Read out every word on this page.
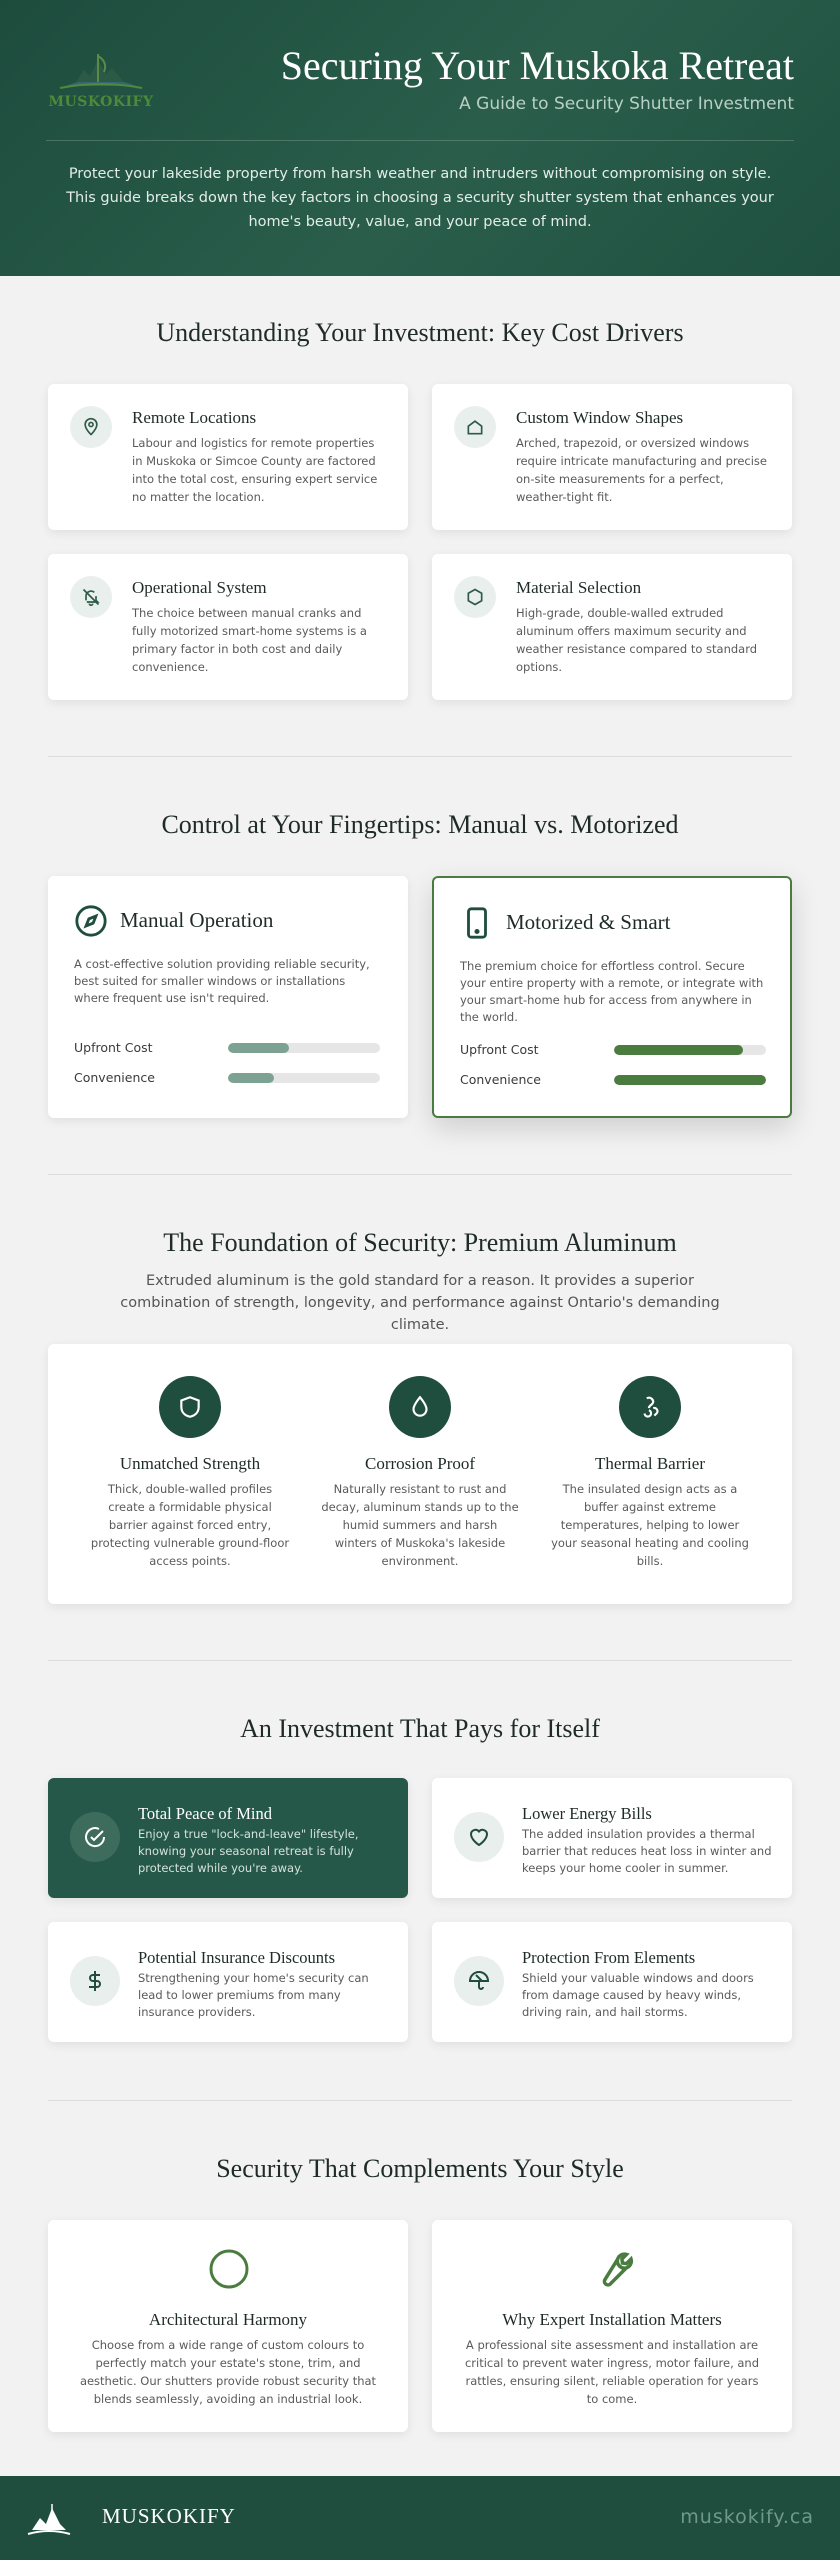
MUSKOKIFY
Securing Your Muskoka Retreat
A Guide to Security Shutter Investment
Protect your lakeside property from harsh weather and intruders without compromising on style. This guide breaks down the key factors in choosing a security shutter system that enhances your home's beauty, value, and your peace of mind.
Understanding Your Investment: Key Cost Drivers
Remote Locations

Labour and logistics for remote properties in Muskoka or Simcoe County are factored into the total cost, ensuring expert service no matter the location.

Custom Window Shapes

Arched, trapezoid, or oversized windows require intricate manufacturing and precise on-site measurements for a perfect, weather-tight fit.

Operational System

The choice between manual cranks and fully motorized smart-home systems is a primary factor in both cost and daily convenience.

Material Selection

High-grade, double-walled extruded aluminum offers maximum security and weather resistance compared to standard options.

Control at Your Fingertips: Manual vs. Motorized
Manual Operation

A cost-effective solution providing reliable security, best suited for smaller windows or installations where frequent use isn't required.

Upfront Cost
Convenience
Motorized & Smart

The premium choice for effortless control. Secure your entire property with a remote, or integrate with your smart-home hub for access from anywhere in the world.

Upfront Cost
Convenience
The Foundation of Security: Premium Aluminum
Extruded aluminum is the gold standard for a reason. It provides a superior combination of strength, longevity, and performance against Ontario's demanding climate.
Unmatched Strength

Thick, double-walled profiles create a formidable physical barrier against forced entry, protecting vulnerable ground-floor access points.

Corrosion Proof

Naturally resistant to rust and decay, aluminum stands up to the humid summers and harsh winters of Muskoka's lakeside environment.

Thermal Barrier

The insulated design acts as a buffer against extreme temperatures, helping to lower your seasonal heating and cooling bills.

An Investment That Pays for Itself
Total Peace of Mind

Enjoy a true "lock-and-leave" lifestyle, knowing your seasonal retreat is fully protected while you're away.

Lower Energy Bills

The added insulation provides a thermal barrier that reduces heat loss in winter and keeps your home cooler in summer.

Potential Insurance Discounts

Strengthening your home's security can lead to lower premiums from many insurance providers.

Protection From Elements

Shield your valuable windows and doors from damage caused by heavy winds, driving rain, and hail storms.

Security That Complements Your Style
Architectural Harmony

Choose from a wide range of custom colours to perfectly match your estate's stone, trim, and aesthetic. Our shutters provide robust security that blends seamlessly, avoiding an industrial look.

Why Expert Installation Matters

A professional site assessment and installation are critical to prevent water ingress, motor failure, and rattles, ensuring silent, reliable operation for years to come.

MUSKOKIFY	muskokify.ca
